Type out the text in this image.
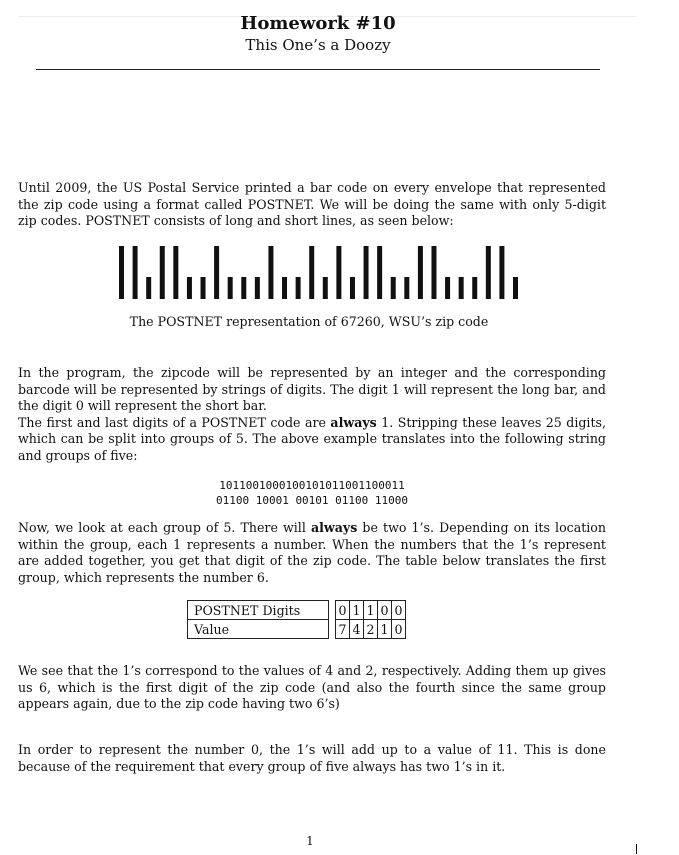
Homework #10
This One’s a Doozy

Until 2009, the US Postal Service printed a bar code on every envelope that represented the zip code using a format called POSTNET. We will be doing the same with only 5-digit zip codes. POSTNET consists of long and short lines, as seen below:

The POSTNET representation of 67260, WSU’s zip code

In the program, the zipcode will be represented by an integer and the corresponding barcode will be represented by strings of digits. The digit 1 will represent the long bar, and the digit 0 will represent the short bar.
The first and last digits of a POSTNET code are always 1. Stripping these leaves 25 digits, which can be split into groups of 5. The above example translates into the following string and groups of five:

1011001000100101011001100011
01100 10001 00101 01100 11000

Now, we look at each group of 5. There will always be two 1’s. Depending on its location within the group, each 1 represents a number. When the numbers that the 1’s represent are added together, you get that digit of the zip code. The table below translates the first group, which represents the number 6.

POSTNET Digits		0	1	1	0	0
Value		7	4	2	1	0

We see that the 1’s correspond to the values of 4 and 2, respectively. Adding them up gives us 6, which is the first digit of the zip code (and also the fourth since the same group appears again, due to the zip code having two 6’s)

In order to represent the number 0, the 1’s will add up to a value of 11. This is done because of the requirement that every group of five always has two 1’s in it.

1
